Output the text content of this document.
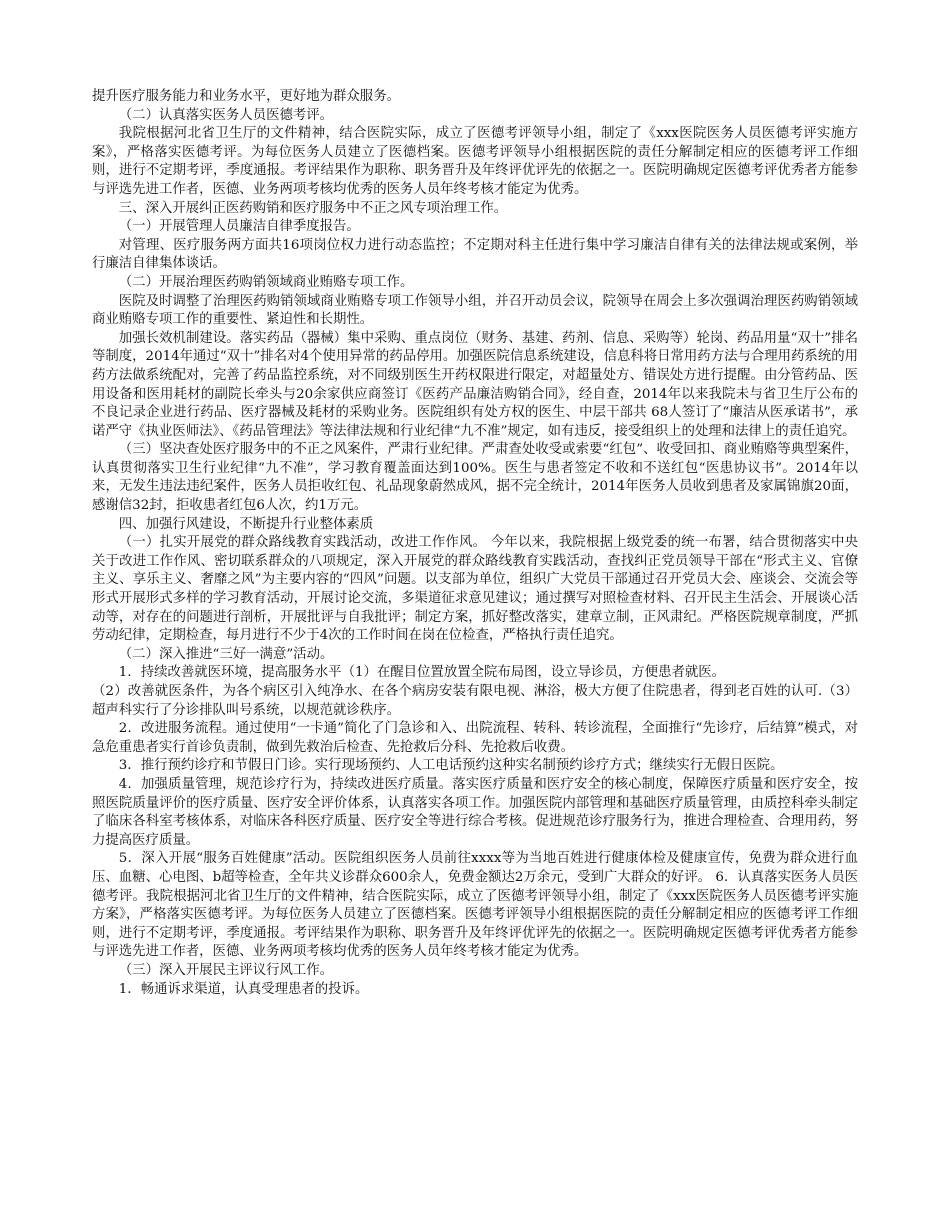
提升医疗服务能力和业务水平，更好地为群众服务。

（二）认真落实医务人员医德考评。

我院根据河北省卫生厅的文件精神，结合医院实际，成立了医德考评领导小组，制定了《xxx医院医务人员医德考评实施方案》，严格落实医德考评。为每位医务人员建立了医德档案。医德考评领导小组根据医院的责任分解制定相应的医德考评工作细则，进行不定期考评，季度通报。考评结果作为职称、职务晋升及年终评优评先的依据之一。医院明确规定医德考评优秀者方能参与评选先进工作者，医德、业务两项考核均优秀的医务人员年终考核才能定为优秀。

三、深入开展纠正医药购销和医疗服务中不正之风专项治理工作。

（一）开展管理人员廉洁自律季度报告。

对管理、医疗服务两方面共16项岗位权力进行动态监控；不定期对科主任进行集中学习廉洁自律有关的法律法规或案例，举行廉洁自律集体谈话。

（二）开展治理医药购销领域商业贿赂专项工作。

医院及时调整了治理医药购销领域商业贿赂专项工作领导小组，并召开动员会议，院领导在周会上多次强调治理医药购销领域商业贿赂专项工作的重要性、紧迫性和长期性。

加强长效机制建设。落实药品（器械）集中采购、重点岗位（财务、基建、药剂、信息、采购等）轮岗、药品用量“双十”排名等制度，2014年通过“双十”排名对4个使用异常的药品停用。加强医院信息系统建设，信息科将日常用药方法与合理用药系统的用药方法做系统配对，完善了药品监控系统，对不同级别医生开药权限进行限定，对超量处方、错误处方进行提醒。由分管药品、医用设备和医用耗材的副院长牵头与20余家供应商签订《医药产品廉洁购销合同》，经自查，2014年以来我院未与省卫生厅公布的不良记录企业进行药品、医疗器械及耗材的采购业务。医院组织有处方权的医生、中层干部共 68人签订了“廉洁从医承诺书”，承诺严守《执业医师法》、《药品管理法》等法律法规和行业纪律“九不准”规定，如有违反，接受组织上的处理和法律上的责任追究。

（三）坚决查处医疗服务中的不正之风案件，严肃行业纪律。严肃查处收受或索要“红包”、收受回扣、商业贿赂等典型案件，认真贯彻落实卫生行业纪律“九不准”，学习教育覆盖面达到100%。医生与患者签定不收和不送红包“医患协议书”。2014年以来，无发生违法违纪案件，医务人员拒收红包、礼品现象蔚然成风，据不完全统计，2014年医务人员收到患者及家属锦旗20面，感谢信32封，拒收患者红包6人次，约1万元。

四、加强行风建设，不断提升行业整体素质

（一）扎实开展党的群众路线教育实践活动，改进工作作风。 今年以来，我院根据上级党委的统一布署，结合贯彻落实中央关于改进工作作风、密切联系群众的八项规定，深入开展党的群众路线教育实践活动，查找纠正党员领导干部在“形式主义、官僚主义、享乐主义、奢靡之风”为主要内容的“四风”问题。以支部为单位，组织广大党员干部通过召开党员大会、座谈会、交流会等形式开展形式多样的学习教育活动，开展讨论交流，多渠道征求意见建议；通过撰写对照检查材料、召开民主生活会、开展谈心活动等，对存在的问题进行剖析，开展批评与自我批评；制定方案，抓好整改落实，建章立制，正风肃纪。严格医院规章制度，严抓劳动纪律，定期检查，每月进行不少于4次的工作时间在岗在位检查，严格执行责任追究。

（二）深入推进“三好一满意”活动。

1．持续改善就医环境，提高服务水平（1）在醒目位置放置全院布局图，设立导诊员，方便患者就医。

（2）改善就医条件，为各个病区引入纯净水、在各个病房安装有限电视、淋浴，极大方便了住院患者，得到老百姓的认可.（3）超声科实行了分诊排队叫号系统，以规范就诊秩序。

2．改进服务流程。通过使用“一卡通”简化了门急诊和入、出院流程、转科、转诊流程，全面推行“先诊疗，后结算”模式，对急危重患者实行首诊负责制，做到先救治后检查、先抢救后分科、先抢救后收费。

3．推行预约诊疗和节假日门诊。实行现场预约、人工电话预约这种实名制预约诊疗方式；继续实行无假日医院。

4．加强质量管理，规范诊疗行为，持续改进医疗质量。落实医疗质量和医疗安全的核心制度，保障医疗质量和医疗安全，按照医院质量评价的医疗质量、医疗安全评价体系，认真落实各项工作。加强医院内部管理和基础医疗质量管理，由质控科牵头制定了临床各科室考核体系，对临床各科医疗质量、医疗安全等进行综合考核。促进规范诊疗服务行为，推进合理检查、合理用药，努力提高医疗质量。

5．深入开展“服务百姓健康”活动。医院组织医务人员前往xxxx等为当地百姓进行健康体检及健康宣传，免费为群众进行血压、血糖、心电图、b超等检查，全年共义诊群众600余人，免费金额达2万余元，受到广大群众的好评。 6．认真落实医务人员医德考评。我院根据河北省卫生厅的文件精神，结合医院实际，成立了医德考评领导小组，制定了《xxx医院医务人员医德考评实施方案》，严格落实医德考评。为每位医务人员建立了医德档案。医德考评领导小组根据医院的责任分解制定相应的医德考评工作细则，进行不定期考评，季度通报。考评结果作为职称、职务晋升及年终评优评先的依据之一。医院明确规定医德考评优秀者方能参与评选先进工作者，医德、业务两项考核均优秀的医务人员年终考核才能定为优秀。

（三）深入开展民主评议行风工作。

1．畅通诉求渠道，认真受理患者的投诉。
